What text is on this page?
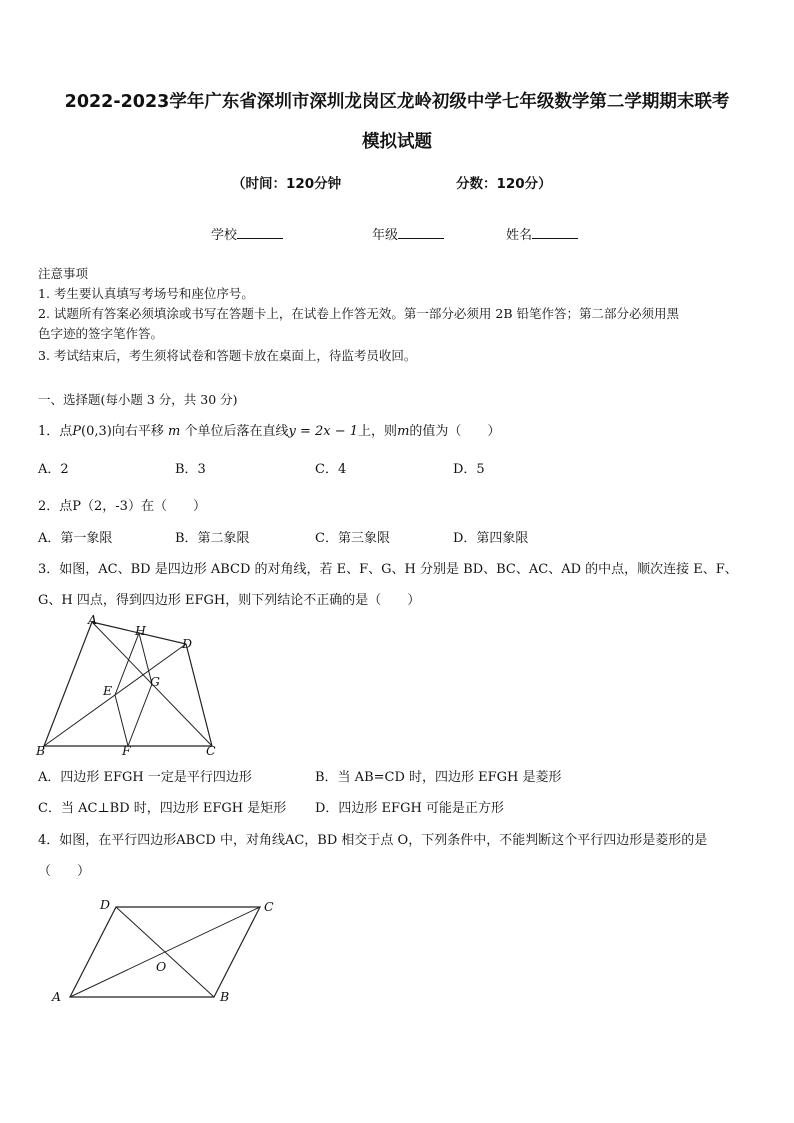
2022-2023学年广东省深圳市深圳龙岗区龙岭初级中学七年级数学第二学期期末联考
模拟试题
（时间：120分钟	分数：120分）
学校	年级	姓名
注意事项
1. 考生要认真填写考场号和座位序号。
2. 试题所有答案必须填涂或书写在答题卡上，在试卷上作答无效。第一部分必须用 2B 铅笔作答；第二部分必须用黑
色字迹的签字笔作答。
3. 考试结束后，考生须将试卷和答题卡放在桌面上，待监考员收回。
一、选择题(每小题 3 分，共 30 分)
1．点P(0,3)向右平移 m 个单位后落在直线y = 2x − 1上，则m的值为（　　）
A．2	B．3	C．4	D．5
2．点P（2，-3）在（　　）
A．第一象限	B．第二象限	C．第三象限	D．第四象限
3．如图，AC、BD 是四边形 ABCD 的对角线，若 E、F、G、H 分别是 BD、BC、AC、AD 的中点，顺次连接 E、F、
G、H 四点，得到四边形 EFGH，则下列结论不正确的是（　　）
A
H
D
E
G
B	F	C
A．四边形 EFGH 一定是平行四边形	B．当 AB=CD 时，四边形 EFGH 是菱形
C．当 AC⊥BD 时，四边形 EFGH 是矩形 D．四边形 EFGH 可能是正方形
4．如图，在平行四边形ABCD 中，对角线AC，BD 相交于点 O，下列条件中，不能判断这个平行四边形是菱形的是
（　　）
A	B
C
D
O
